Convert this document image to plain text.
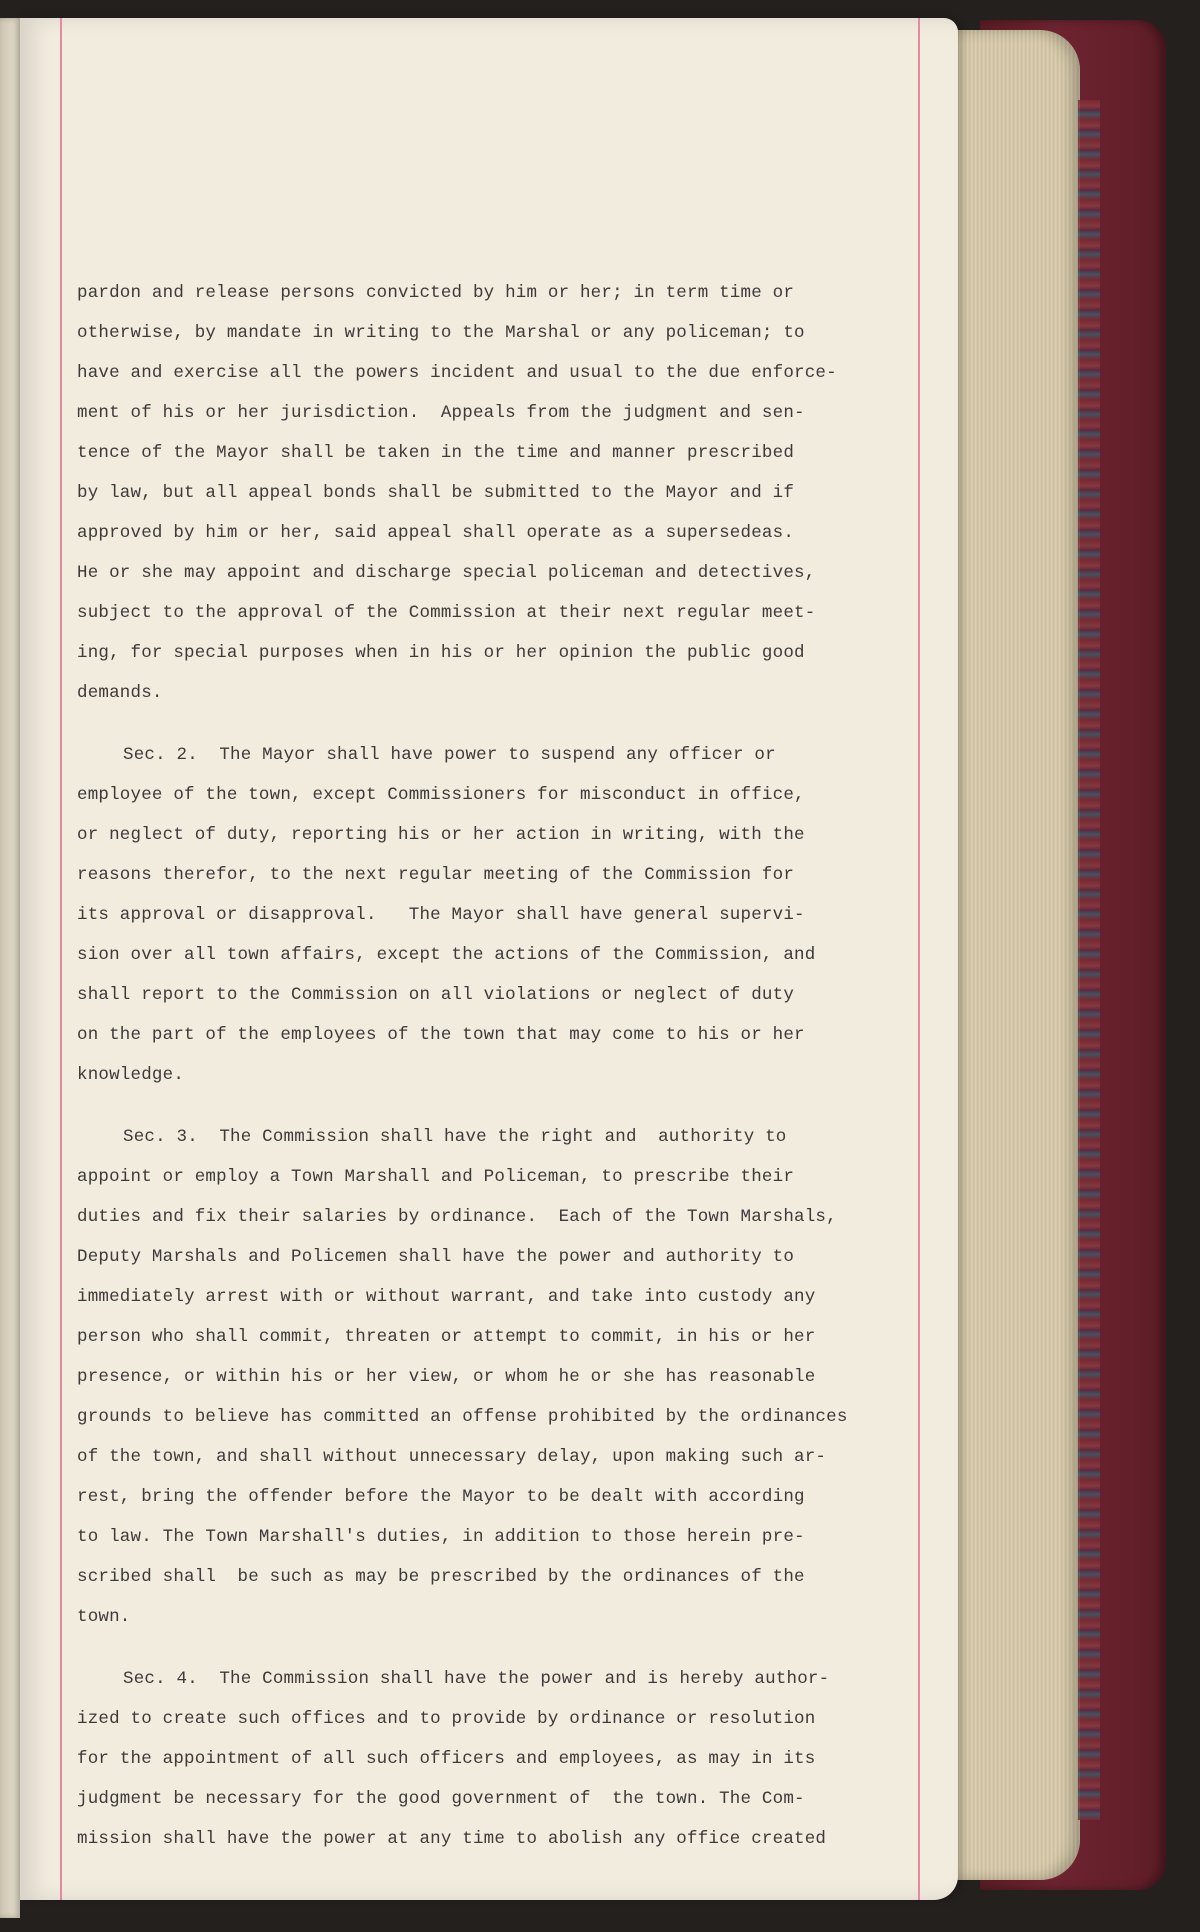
pardon and release persons convicted by him or her; in term time or
otherwise, by mandate in writing to the Marshal or any policeman; to
have and exercise all the powers incident and usual to the due enforce-
ment of his or her jurisdiction.  Appeals from the judgment and sen-
tence of the Mayor shall be taken in the time and manner prescribed
by law, but all appeal bonds shall be submitted to the Mayor and if
approved by him or her, said appeal shall operate as a supersedeas.
He or she may appoint and discharge special policeman and detectives,
subject to the approval of the Commission at their next regular meet-
ing, for special purposes when in his or her opinion the public good
demands.
Sec. 2.  The Mayor shall have power to suspend any officer or
employee of the town, except Commissioners for misconduct in office,
or neglect of duty, reporting his or her action in writing, with the
reasons therefor, to the next regular meeting of the Commission for
its approval or disapproval.   The Mayor shall have general supervi-
sion over all town affairs, except the actions of the Commission, and
shall report to the Commission on all violations or neglect of duty
on the part of the employees of the town that may come to his or her
knowledge.
Sec. 3.  The Commission shall have the right and  authority to
appoint or employ a Town Marshall and Policeman, to prescribe their
duties and fix their salaries by ordinance.  Each of the Town Marshals,
Deputy Marshals and Policemen shall have the power and authority to
immediately arrest with or without warrant, and take into custody any
person who shall commit, threaten or attempt to commit, in his or her
presence, or within his or her view, or whom he or she has reasonable
grounds to believe has committed an offense prohibited by the ordinances
of the town, and shall without unnecessary delay, upon making such ar-
rest, bring the offender before the Mayor to be dealt with according
to law. The Town Marshall's duties, in addition to those herein pre-
scribed shall  be such as may be prescribed by the ordinances of the
town.
Sec. 4.  The Commission shall have the power and is hereby author-
ized to create such offices and to provide by ordinance or resolution
for the appointment of all such officers and employees, as may in its
judgment be necessary for the good government of  the town. The Com-
mission shall have the power at any time to abolish any office created
